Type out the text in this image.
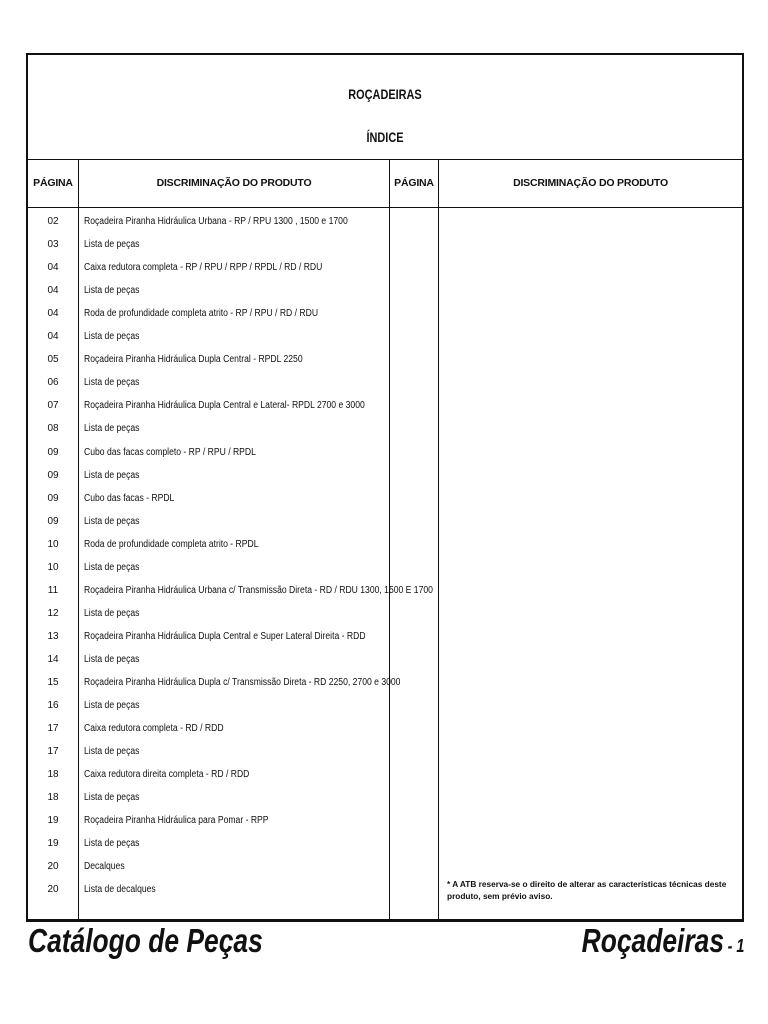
ROÇADEIRAS
ÍNDICE
PÁGINA	DISCRIMINAÇÃO DO PRODUTO	PÁGINA	DISCRIMINAÇÃO DO PRODUTO
02	Roçadeira Piranha Hidráulica Urbana - RP / RPU 1300 , 1500 e 1700
03	Lista de peças
04	Caixa redutora completa - RP / RPU / RPP / RPDL / RD / RDU
04	Lista de peças
04	Roda de profundidade completa atrito - RP / RPU / RD / RDU
04	Lista de peças
05	Roçadeira Piranha Hidráulica Dupla Central - RPDL 2250
06	Lista de peças
07	Roçadeira Piranha Hidráulica Dupla Central e Lateral- RPDL 2700 e 3000
08	Lista de peças
09	Cubo das facas completo - RP / RPU / RPDL
09	Lista de peças
09	Cubo das facas - RPDL
09	Lista de peças
10	Roda de profundidade completa atrito - RPDL
10	Lista de peças
11	Roçadeira Piranha Hidráulica Urbana c/ Transmissão Direta - RD / RDU 1300, 1500 E 1700
12	Lista de peças
13	Roçadeira Piranha Hidráulica Dupla Central e Super Lateral Direita - RDD
14	Lista de peças
15	Roçadeira Piranha Hidráulica Dupla c/ Transmissão Direta - RD 2250, 2700 e 3000
16	Lista de peças
17	Caixa redutora completa - RD / RDD
17	Lista de peças
18	Caixa redutora direita completa - RD / RDD
18	Lista de peças
19	Roçadeira Piranha Hidráulica para Pomar - RPP
19	Lista de peças
20	Decalques
20	Lista de decalques
* A ATB reserva-se o direito de alterar as características técnicas deste produto, sem prévio aviso.
Catálogo de Peças	Roçadeiras - 1
